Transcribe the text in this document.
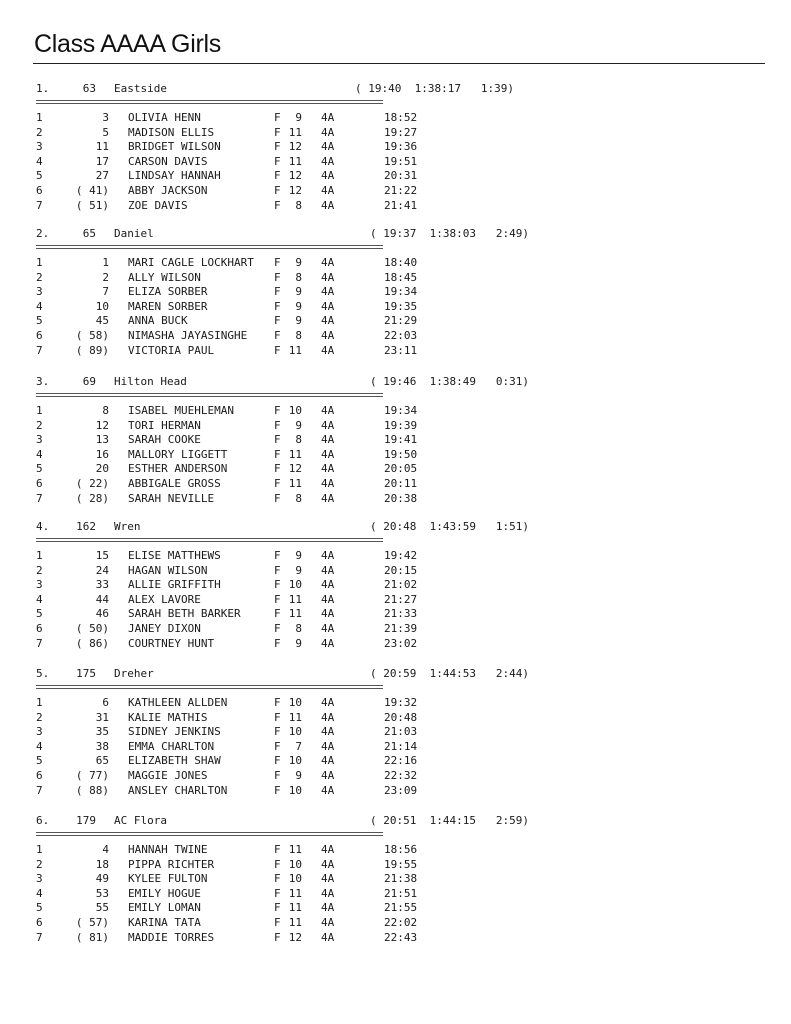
Class AAAA Girls
1.	63 Eastside	( 19:40  1:38:17   1:39)
1	3 OLIVIA HENN	F 9 4A	18:52
2	5 MADISON ELLIS	F 11 4A	19:27
3	11 BRIDGET WILSON	F 12 4A	19:36
4	17 CARSON DAVIS	F 11 4A	19:51
5	27 LINDSAY HANNAH	F 12 4A	20:31
6	( 41) ABBY JACKSON	F 12 4A	21:22
7	( 51) ZOE DAVIS	F 8 4A	21:41
2.	65 Daniel	( 19:37  1:38:03   2:49)
1	1 MARI CAGLE LOCKHART F 9 4A	18:40
2	2 ALLY WILSON	F 8 4A	18:45
3	7 ELIZA SORBER	F 9 4A	19:34
4	10 MAREN SORBER	F 9 4A	19:35
5	45 ANNA BUCK	F 9 4A	21:29
6	( 58) NIMASHA JAYASINGHE F 8 4A	22:03
7	( 89) VICTORIA PAUL	F 11 4A	23:11
3.	69 Hilton Head	( 19:46  1:38:49   0:31)
1	8 ISABEL MUEHLEMAN	F 10 4A	19:34
2	12 TORI HERMAN	F 9 4A	19:39
3	13 SARAH COOKE	F 8 4A	19:41
4	16 MALLORY LIGGETT	F 11 4A	19:50
5	20 ESTHER ANDERSON	F 12 4A	20:05
6	( 22) ABBIGALE GROSS	F 11 4A	20:11
7	( 28) SARAH NEVILLE	F 8 4A	20:38
4. 162 Wren	( 20:48  1:43:59   1:51)
1	15 ELISE MATTHEWS	F 9 4A	19:42
2	24 HAGAN WILSON	F 9 4A	20:15
3	33 ALLIE GRIFFITH	F 10 4A	21:02
4	44 ALEX LAVORE	F 11 4A	21:27
5	46 SARAH BETH BARKER	F 11 4A	21:33
6	( 50) JANEY DIXON	F 8 4A	21:39
7	( 86) COURTNEY HUNT	F 9 4A	23:02
5. 175 Dreher	( 20:59  1:44:53   2:44)
1	6 KATHLEEN ALLDEN	F 10 4A	19:32
2	31 KALIE MATHIS	F 11 4A	20:48
3	35 SIDNEY JENKINS	F 10 4A	21:03
4	38 EMMA CHARLTON	F 7 4A	21:14
5	65 ELIZABETH SHAW	F 10 4A	22:16
6	( 77) MAGGIE JONES	F 9 4A	22:32
7	( 88) ANSLEY CHARLTON	F 10 4A	23:09
6. 179 AC Flora	( 20:51  1:44:15   2:59)
1	4 HANNAH TWINE	F 11 4A	18:56
2	18 PIPPA RICHTER	F 10 4A	19:55
3	49 KYLEE FULTON	F 10 4A	21:38
4	53 EMILY HOGUE	F 11 4A	21:51
5	55 EMILY LOMAN	F 11 4A	21:55
6	( 57) KARINA TATA	F 11 4A	22:02
7	( 81) MADDIE TORRES	F 12 4A	22:43
